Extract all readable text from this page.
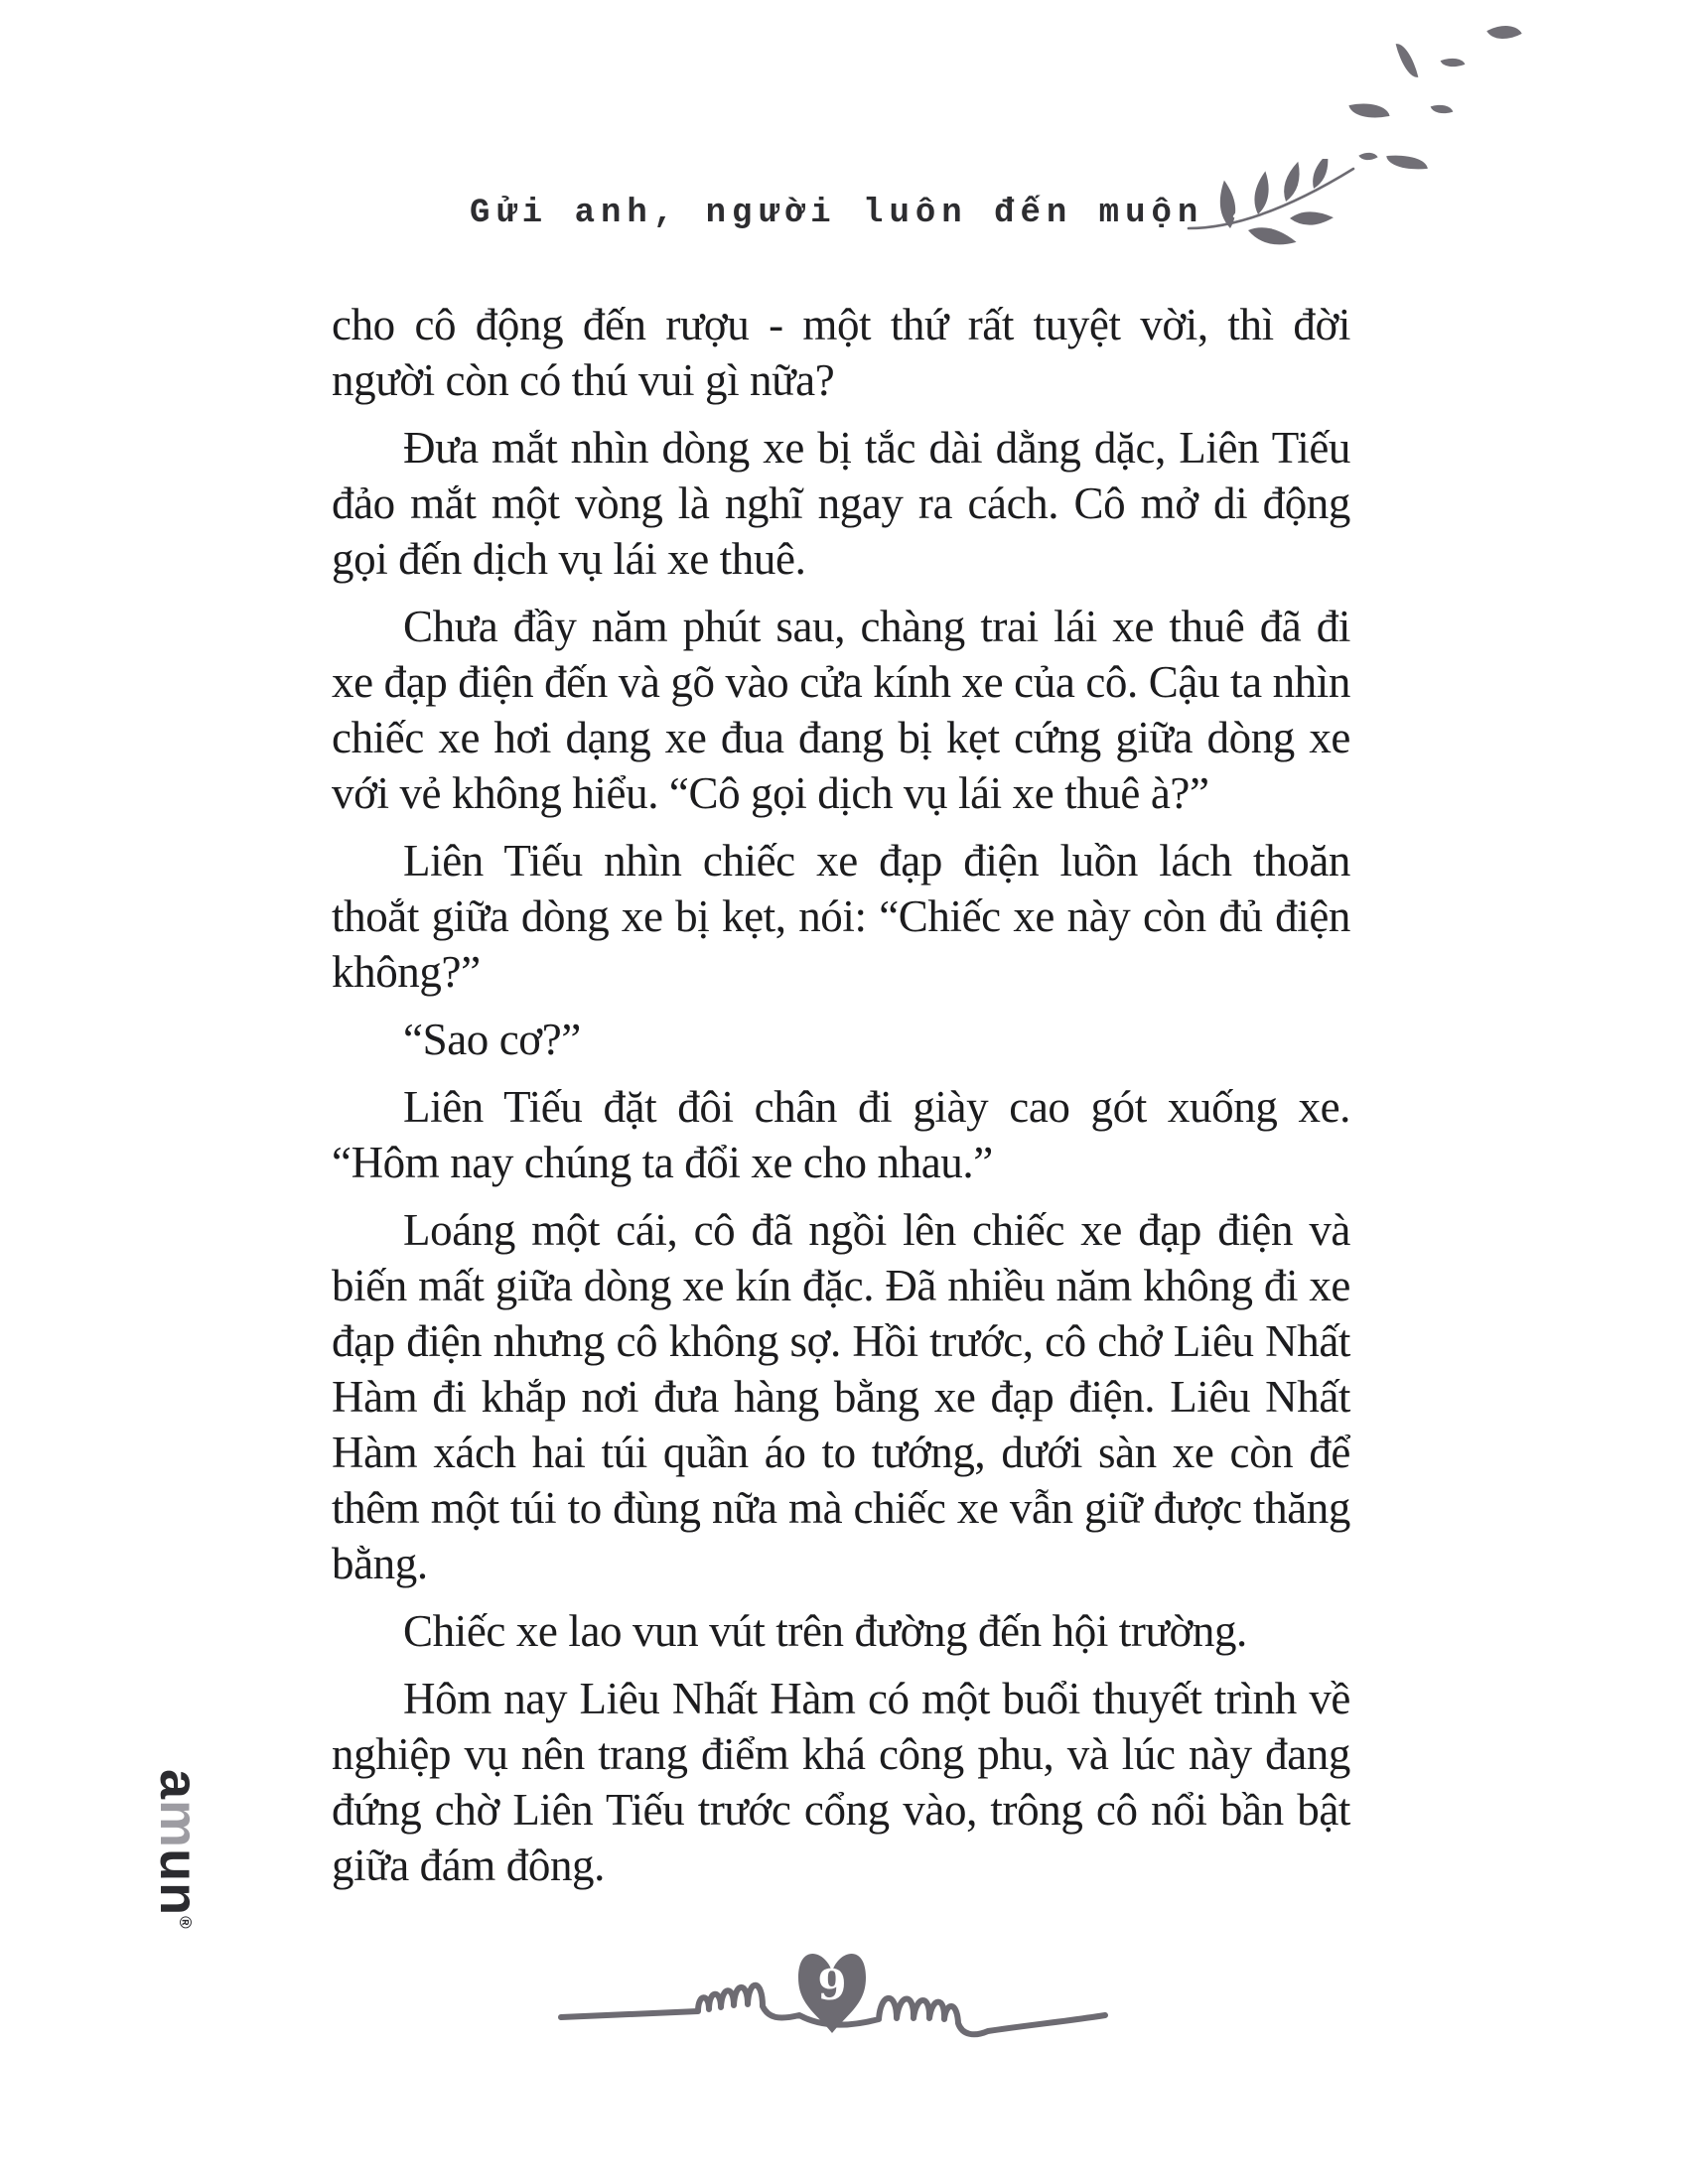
Gửi anh, người luôn đến muộn

cho cô động đến rượu - một thứ rất tuyệt vời, thì đời người còn có thú vui gì nữa?

Đưa mắt nhìn dòng xe bị tắc dài dằng dặc, Liên Tiếu đảo mắt một vòng là nghĩ ngay ra cách. Cô mở di động gọi đến dịch vụ lái xe thuê.

Chưa đầy năm phút sau, chàng trai lái xe thuê đã đi xe đạp điện đến và gõ vào cửa kính xe của cô. Cậu ta nhìn chiếc xe hơi dạng xe đua đang bị kẹt cứng giữa dòng xe với vẻ không hiểu. “Cô gọi dịch vụ lái xe thuê à?”

Liên Tiếu nhìn chiếc xe đạp điện luồn lách thoăn thoắt giữa dòng xe bị kẹt, nói: “Chiếc xe này còn đủ điện không?”

“Sao cơ?”

Liên Tiếu đặt đôi chân đi giày cao gót xuống xe. “Hôm nay chúng ta đổi xe cho nhau.”

Loáng một cái, cô đã ngồi lên chiếc xe đạp điện và biến mất giữa dòng xe kín đặc. Đã nhiều năm không đi xe đạp điện nhưng cô không sợ. Hồi trước, cô chở Liêu Nhất Hàm đi khắp nơi đưa hàng bằng xe đạp điện. Liêu Nhất Hàm xách hai túi quần áo to tướng, dưới sàn xe còn để thêm một túi to đùng nữa mà chiếc xe vẫn giữ được thăng bằng.

Chiếc xe lao vun vút trên đường đến hội trường.

Hôm nay Liêu Nhất Hàm có một buổi thuyết trình về nghiệp vụ nên trang điểm khá công phu, và lúc này đang đứng chờ Liên Tiếu trước cổng vào, trông cô nổi bần bật giữa đám đông.

amun®
9
